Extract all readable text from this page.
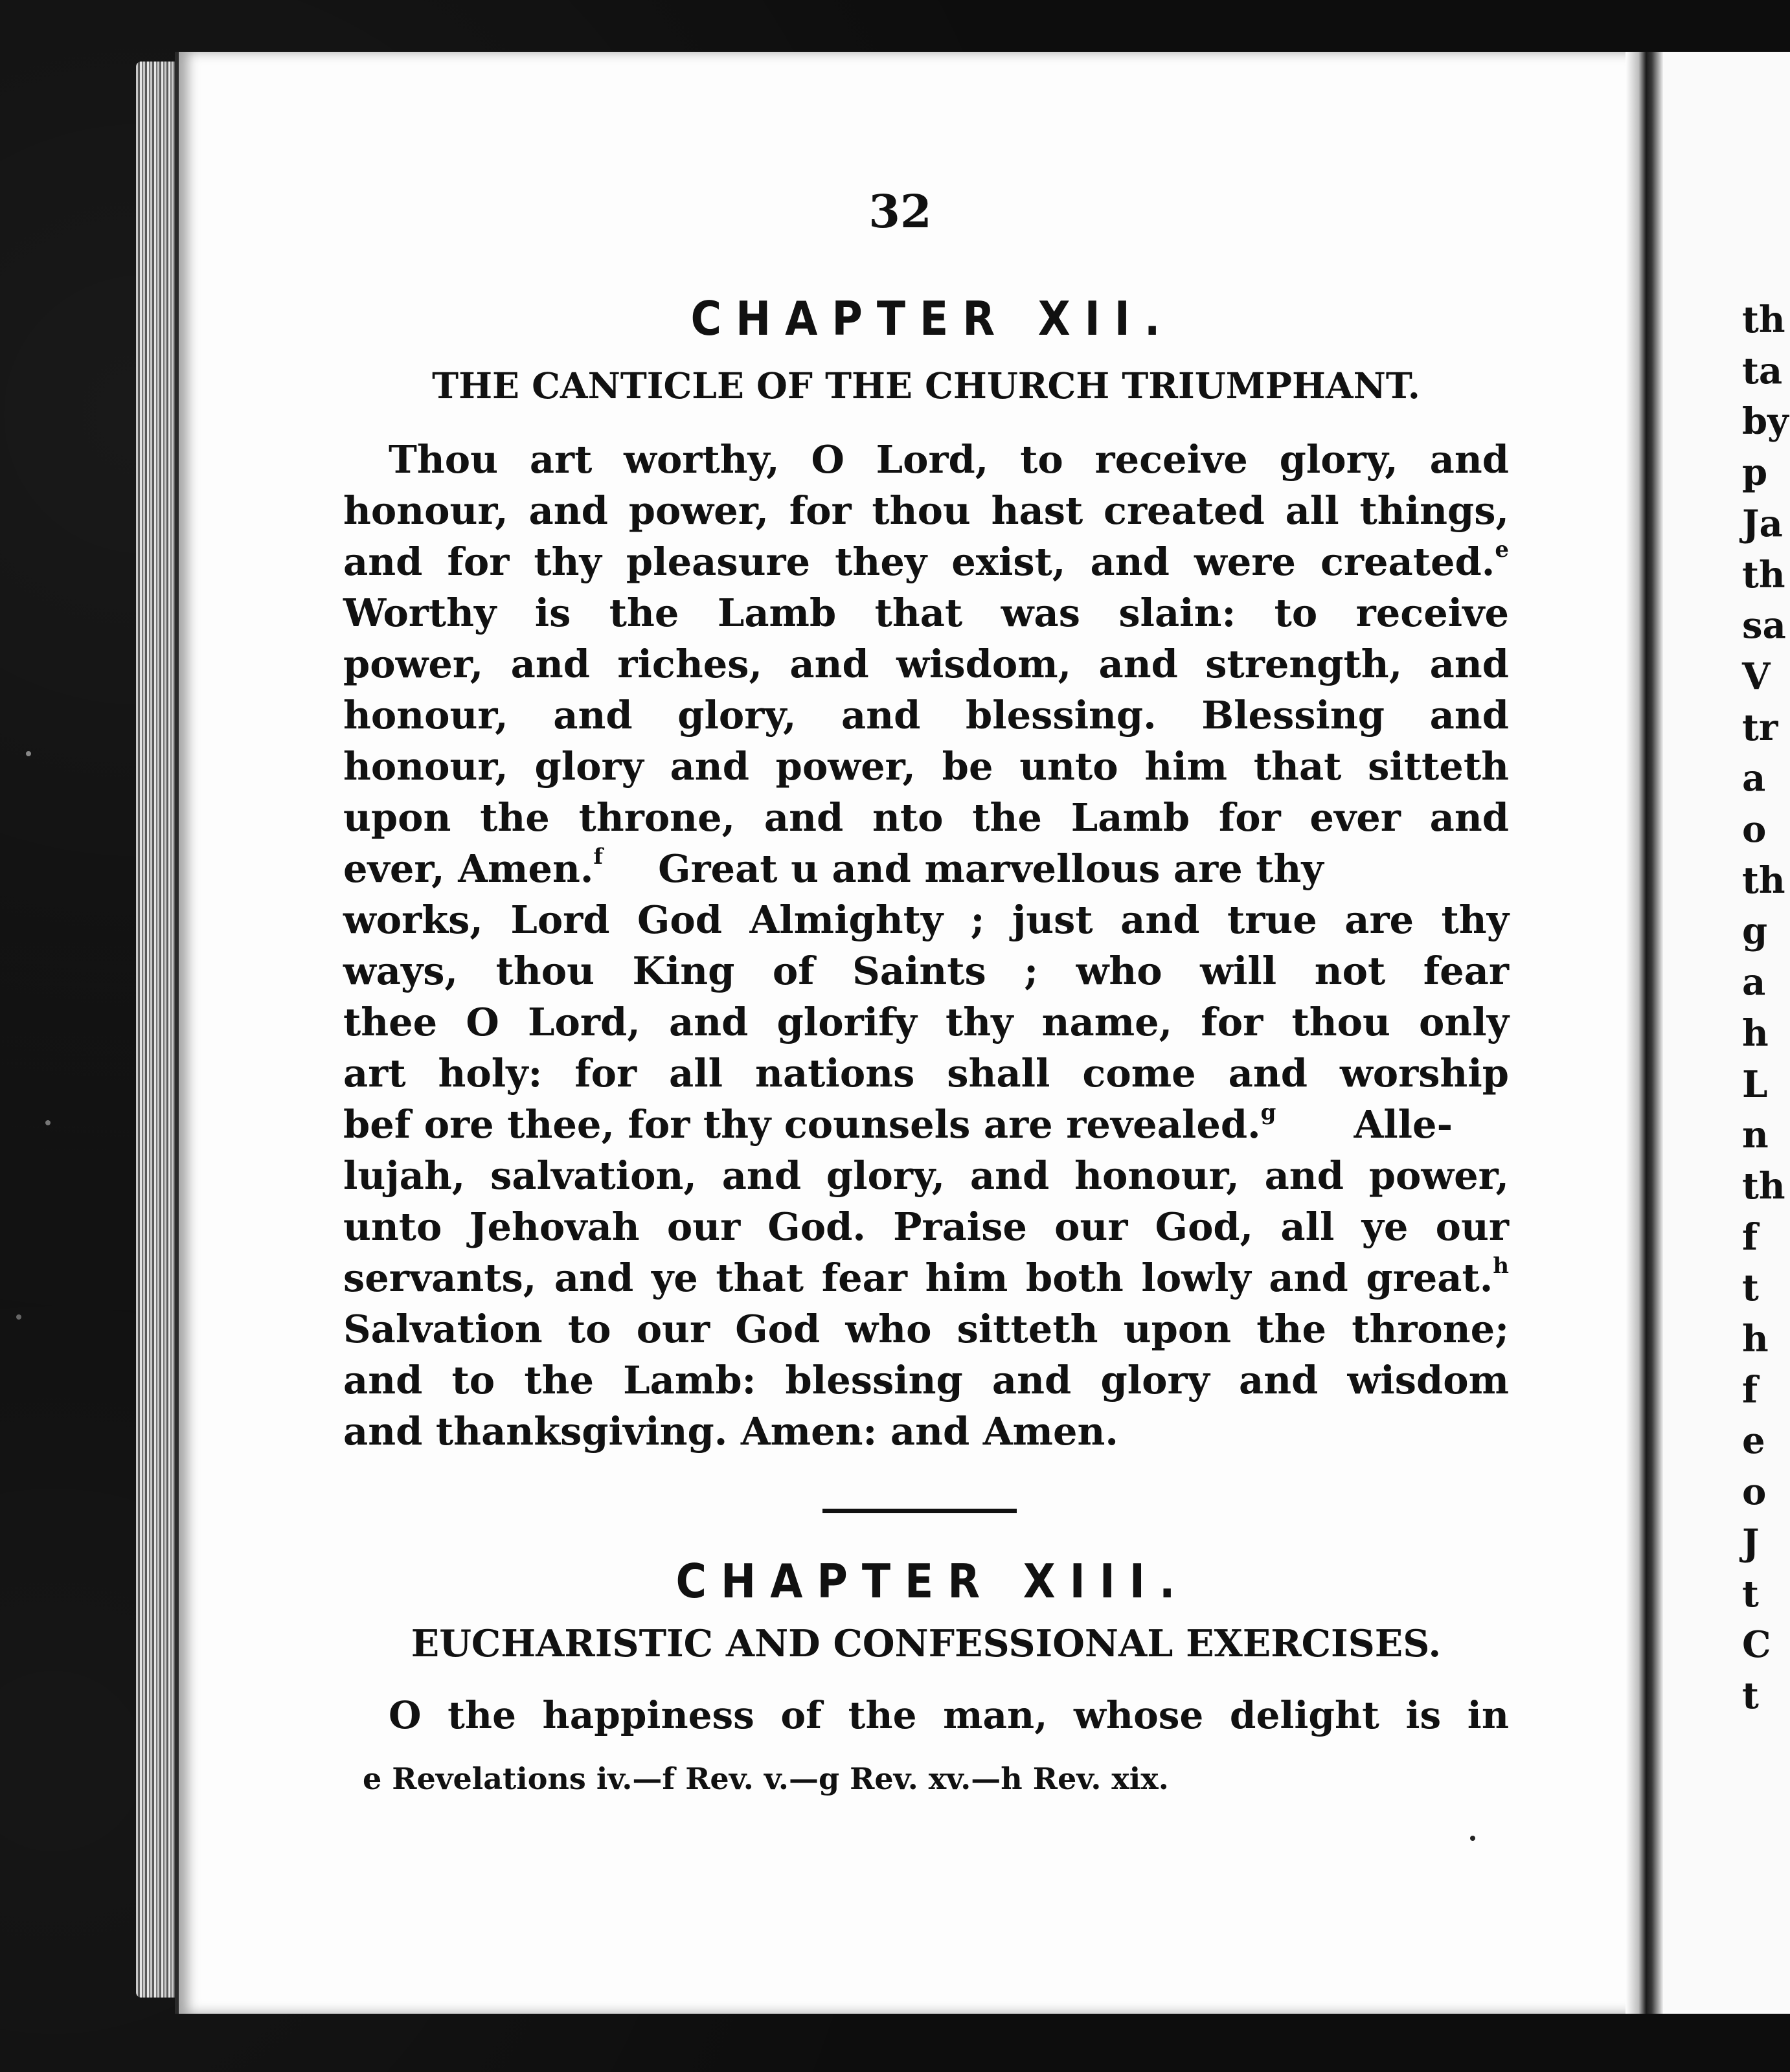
th
ta
by
p
Ja
th
sa
V
tr
a
o
th
g
a
h
L
n
th
f
t
h
f
e
o
J
t
C
t
32
CHAPTER XII.
THE CANTICLE OF THE CHURCH TRIUMPHANT.
Thou art worthy, O Lord, to receive glory, and
honour, and power, for thou hast created all things,
and for thy pleasure they exist, and were created.$^e$
Worthy is the Lamb that was slain: to receive
power, and riches, and wisdom, and strength, and
honour, and glory, and blessing. Blessing and
honour, glory and power, be unto him that sitteth
upon the throne, and nto the Lamb for ever and
ever, Amen.$^f$ Great u and marvellous are thy
works, Lord God Almighty ; just and true are thy
ways, thou King of Saints ; who will not fear
thee O Lord, and glorify thy name, for thou only
art holy: for all nations shall come and worship
bef ore thee, for thy counsels are revealed.$^g$ Alle-
lujah, salvation, and glory, and honour, and power,
unto Jehovah our God. Praise our God, all ye our
servants, and ye that fear him both lowly and great.$^h$
Salvation to our God who sitteth upon the throne;
and to the Lamb: blessing and glory and wisdom
and thanksgiving. Amen: and Amen.
CHAPTER XIII.
EUCHARISTIC AND CONFESSIONAL EXERCISES.
O the happiness of the man, whose delight is in
e Revelations iv.—f Rev. v.—g Rev. xv.—h Rev. xix.
